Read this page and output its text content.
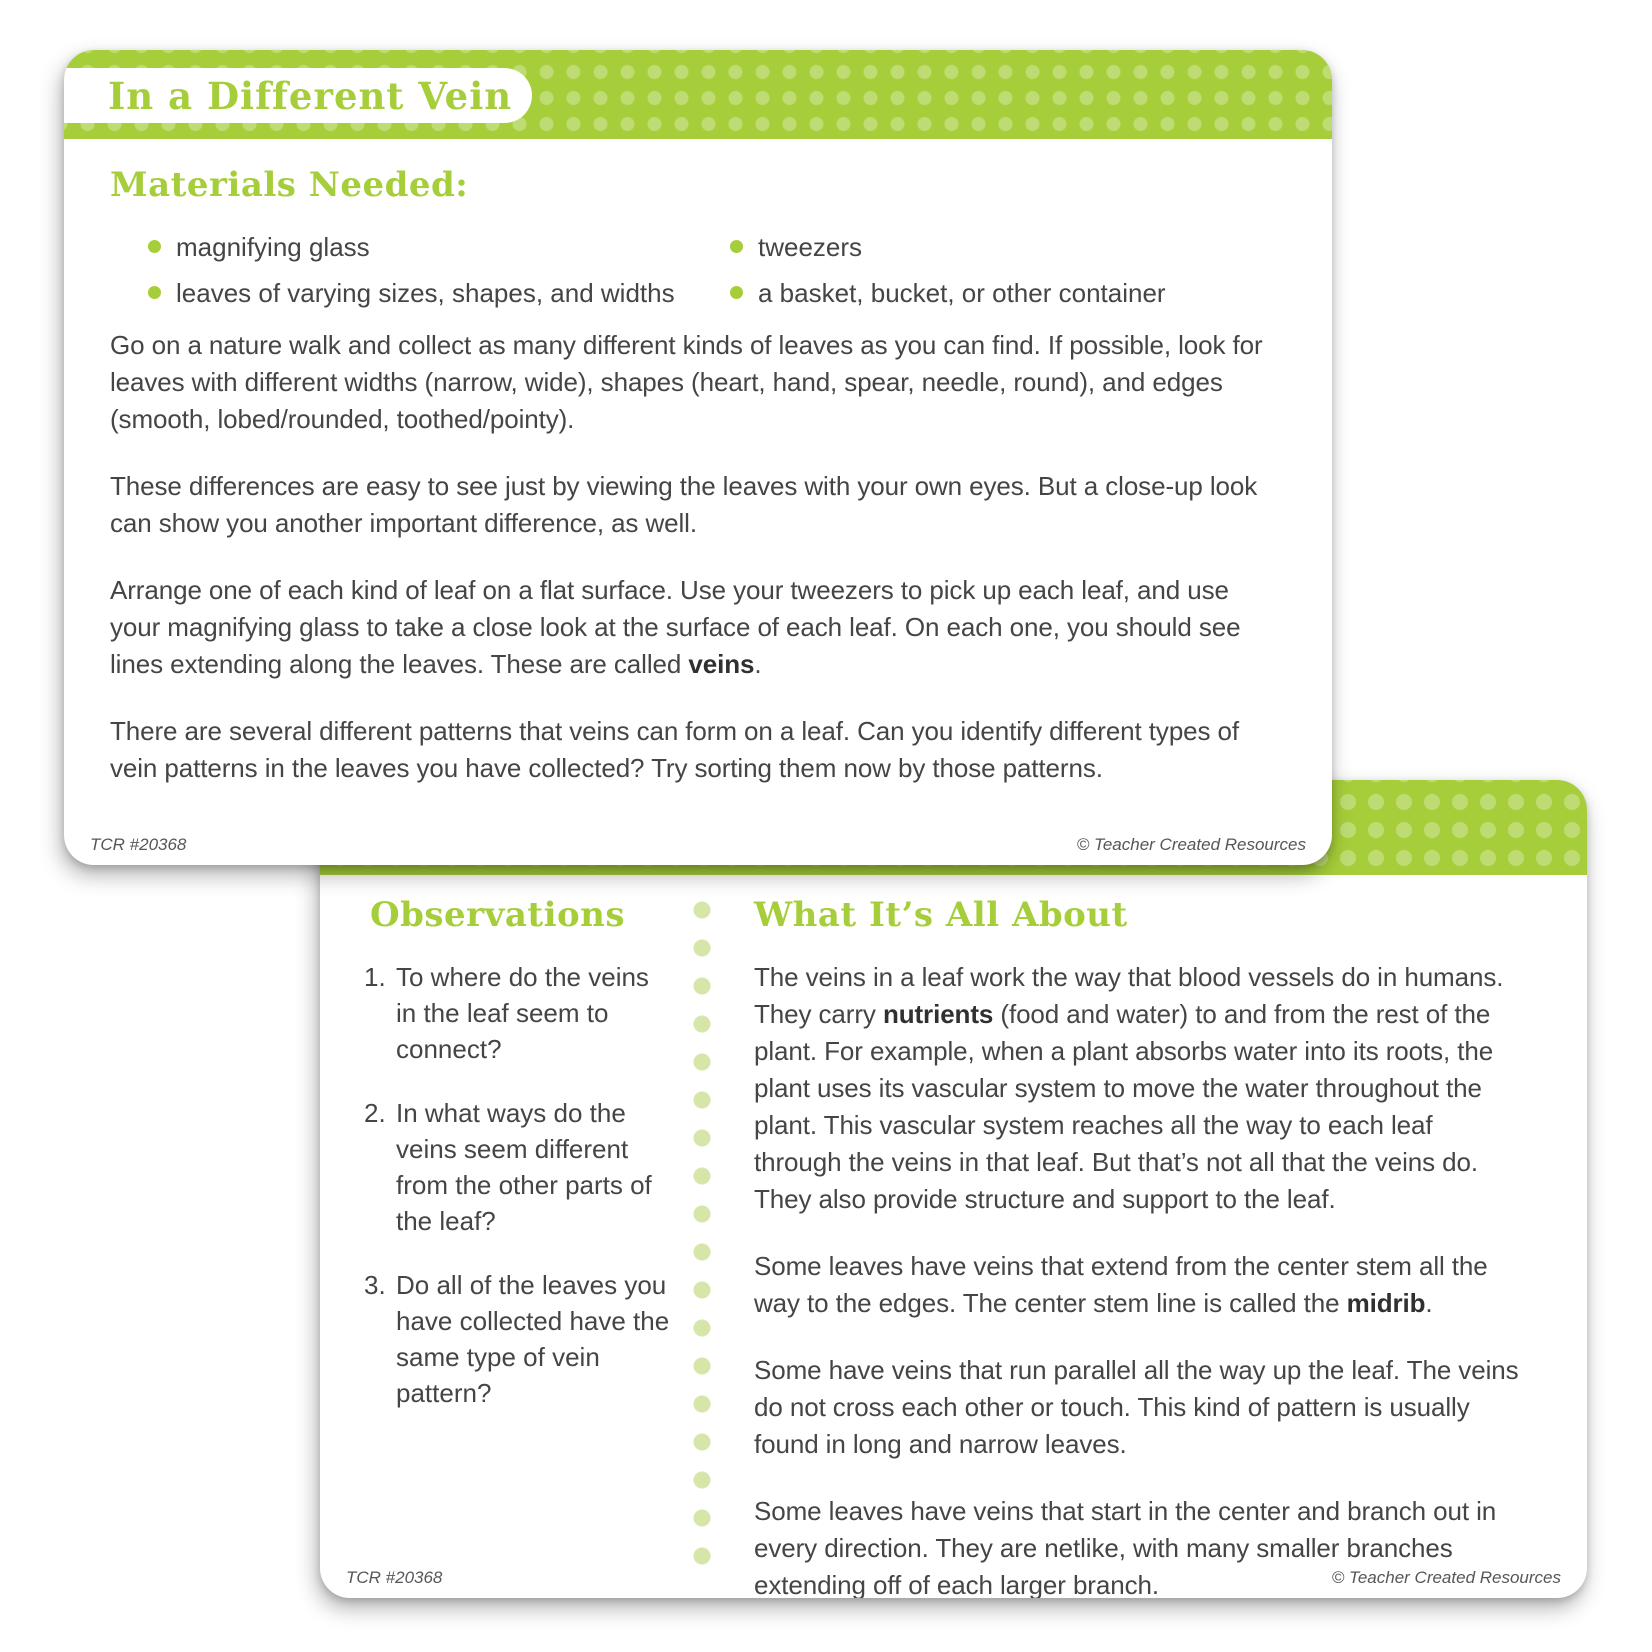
In a Different Vein
Materials Needed:
magnifying glass
leaves of varying sizes, shapes, and widths
tweezers
a basket, bucket, or other container

Go on a nature walk and collect as many different kinds of leaves as you can find. If possible, look for leaves with different widths (narrow, wide), shapes (heart, hand, spear, needle, round), and edges (smooth, lobed/rounded, toothed/pointy).

These differences are easy to see just by viewing the leaves with your own eyes. But a close-up look can show you another important difference, as well.

Arrange one of each kind of leaf on a flat surface. Use your tweezers to pick up each leaf, and use your magnifying glass to take a close look at the surface of each leaf. On each one, you should see lines extending along the leaves. These are called veins.

There are several different patterns that veins can form on a leaf. Can you identify different types of vein patterns in the leaves you have collected? Try sorting them now by those patterns.

TCR #20368	© Teacher Created Resources
Observations
1. To where do the veins in the leaf seem to connect?
2. In what ways do the veins seem different from the other parts of the leaf?
3. Do all of the leaves you have collected have the same type of vein pattern?
What It’s All About

The veins in a leaf work the way that blood vessels do in humans. They carry nutrients (food and water) to and from the rest of the plant. For example, when a plant absorbs water into its roots, the plant uses its vascular system to move the water throughout the plant. This vascular system reaches all the way to each leaf through the veins in that leaf. But that’s not all that the veins do. They also provide structure and support to the leaf.

Some leaves have veins that extend from the center stem all the way to the edges. The center stem line is called the midrib.

Some have veins that run parallel all the way up the leaf. The veins do not cross each other or touch. This kind of pattern is usually found in long and narrow leaves.

Some leaves have veins that start in the center and branch out in every direction. They are netlike, with many smaller branches extending off of each larger branch.

TCR #20368	© Teacher Created Resources
